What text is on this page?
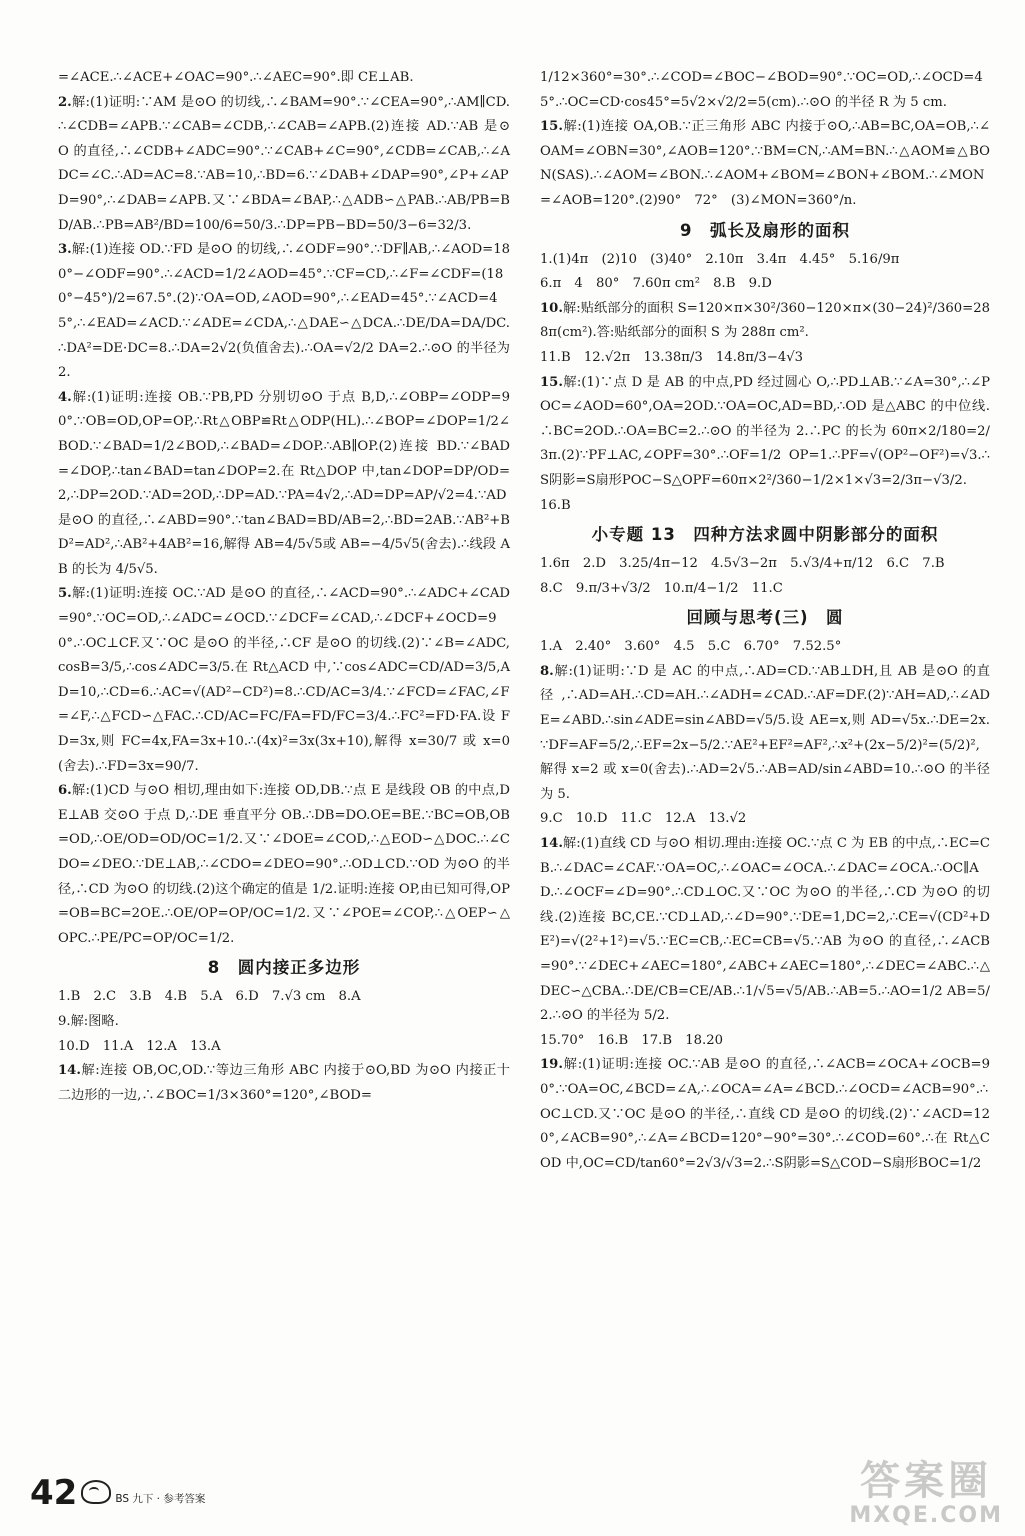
=∠ACE.∴∠ACE+∠OAC=90°.∴∠AEC=90°.即 CE⊥AB.

2.解:(1)证明:∵AM 是⊙O 的切线,∴∠BAM=90°.∵∠CEA=90°,∴AM∥CD.∴∠CDB=∠APB.∵∠CAB=∠CDB,∴∠CAB=∠APB.(2)连接 AD.∵AB 是⊙O 的直径,∴∠CDB+∠ADC=90°.∵∠CAB+∠C=90°,∠CDB=∠CAB,∴∠ADC=∠C.∴AD=AC=8.∵AB=10,∴BD=6.∵∠DAB+∠DAP=90°,∠P+∠APD=90°,∴∠DAB=∠APB.又∵∠BDA=∠BAP,∴△ADB∽△PAB.∴AB/PB=BD/AB.∴PB=AB²/BD=100/6=50/3.∴DP=PB−BD=50/3−6=32/3.

3.解:(1)连接 OD.∵FD 是⊙O 的切线,∴∠ODF=90°.∵DF∥AB,∴∠AOD=180°−∠ODF=90°.∴∠ACD=1/2∠AOD=45°.∵CF=CD,∴∠F=∠CDF=(180°−45°)/2=67.5°.(2)∵OA=OD,∠AOD=90°,∴∠EAD=45°.∵∠ACD=45°,∴∠EAD=∠ACD.∵∠ADE=∠CDA,∴△DAE∽△DCA.∴DE/DA=DA/DC.∴DA²=DE·DC=8.∴DA=2√2(负值舍去).∴OA=√2/2 DA=2.∴⊙O 的半径为 2.

4.解:(1)证明:连接 OB.∵PB,PD 分别切⊙O 于点 B,D,∴∠OBP=∠ODP=90°.∵OB=OD,OP=OP,∴Rt△OBP≌Rt△ODP(HL).∴∠BOP=∠DOP=1/2∠BOD.∵∠BAD=1/2∠BOD,∴∠BAD=∠DOP.∴AB∥OP.(2)连接 BD.∵∠BAD=∠DOP,∴tan∠BAD=tan∠DOP=2.在 Rt△DOP 中,tan∠DOP=DP/OD=2,∴DP=2OD.∵AD=2OD,∴DP=AD.∵PA=4√2,∴AD=DP=AP/√2=4.∵AD 是⊙O 的直径,∴∠ABD=90°.∵tan∠BAD=BD/AB=2,∴BD=2AB.∵AB²+BD²=AD²,∴AB²+4AB²=16,解得 AB=4/5√5或 AB=−4/5√5(舍去).∴线段 AB 的长为 4/5√5.

5.解:(1)证明:连接 OC.∵AD 是⊙O 的直径,∴∠ACD=90°.∴∠ADC+∠CAD=90°.∵OC=OD,∴∠ADC=∠OCD.∵∠DCF=∠CAD,∴∠DCF+∠OCD=90°.∴OC⊥CF.又∵OC 是⊙O 的半径,∴CF 是⊙O 的切线.(2)∵∠B=∠ADC,cosB=3/5,∴cos∠ADC=3/5.在 Rt△ACD 中,∵cos∠ADC=CD/AD=3/5,AD=10,∴CD=6.∴AC=√(AD²−CD²)=8.∴CD/AC=3/4.∵∠FCD=∠FAC,∠F=∠F,∴△FCD∽△FAC.∴CD/AC=FC/FA=FD/FC=3/4.∴FC²=FD·FA.设 FD=3x,则 FC=4x,FA=3x+10.∴(4x)²=3x(3x+10),解得 x=30/7 或 x=0(舍去).∴FD=3x=90/7.

6.解:(1)CD 与⊙O 相切,理由如下:连接 OD,DB.∵点 E 是线段 OB 的中点,DE⊥AB 交⊙O 于点 D,∴DE 垂直平分 OB.∴DB=DO.OE=BE.∵BC=OB,OB=OD,∴OE/OD=OD/OC=1/2.又∵∠DOE=∠COD,∴△EOD∽△DOC.∴∠CDO=∠DEO.∵DE⊥AB,∴∠CDO=∠DEO=90°.∴OD⊥CD.∵OD 为⊙O 的半径,∴CD 为⊙O 的切线.(2)这个确定的值是 1/2.证明:连接 OP,由已知可得,OP=OB=BC=2OE.∴OE/OP=OP/OC=1/2.又∵∠POE=∠COP,∴△OEP∽△OPC.∴PE/PC=OP/OC=1/2.

8　圆内接正多边形

1.B　2.C　3.B　4.B　5.A　6.D　7.√3 cm　8.A

9.解:图略.

10.D　11.A　12.A　13.A

14.解:连接 OB,OC,OD.∵等边三角形 ABC 内接于⊙O,BD 为⊙O 内接正十二边形的一边,∴∠BOC=1/3×360°=120°,∠BOD=

1/12×360°=30°.∴∠COD=∠BOC−∠BOD=90°.∵OC=OD,∴∠OCD=45°.∴OC=CD·cos45°=5√2×√2/2=5(cm).∴⊙O 的半径 R 为 5 cm.

15.解:(1)连接 OA,OB.∵正三角形 ABC 内接于⊙O,∴AB=BC,OA=OB,∴∠OAM=∠OBN=30°,∠AOB=120°.∵BM=CN,∴AM=BN.∴△AOM≌△BON(SAS).∴∠AOM=∠BON.∴∠AOM+∠BOM=∠BON+∠BOM.∴∠MON=∠AOB=120°.(2)90°　72°　(3)∠MON=360°/n.

9　弧长及扇形的面积

1.(1)4π　(2)10　(3)40°　2.10π　3.4π　4.45°　5.16/9π

6.π　4　80°　7.60π cm²　8.B　9.D

10.解:贴纸部分的面积 S=120×π×30²/360−120×π×(30−24)²/360=288π(cm²).答:贴纸部分的面积 S 为 288π cm².

11.B　12.√2π　13.38π/3　14.8π/3−4√3

15.解:(1)∵点 D 是 AB 的中点,PD 经过圆心 O,∴PD⊥AB.∵∠A=30°,∴∠POC=∠AOD=60°,OA=2OD.∵OA=OC,AD=BD,∴OD 是△ABC 的中位线.∴BC=2OD.∴OA=BC=2.∴⊙O 的半径为 2.∴PC 的长为 60π×2/180=2/3π.(2)∵PF⊥AC,∠OPF=30°.∴OF=1/2 OP=1.∴PF=√(OP²−OF²)=√3.∴S阴影=S扇形POC−S△OPF=60π×2²/360−1/2×1×√3=2/3π−√3/2.

16.B

小专题 13　四种方法求圆中阴影部分的面积

1.6π　2.D　3.25/4π−12　4.5√3−2π　5.√3/4+π/12　6.C　7.B

8.C　9.π/3+√3/2　10.π/4−1/2　11.C

回顾与思考(三)　圆

1.A　2.40°　3.60°　4.5　5.C　6.70°　7.52.5°

8.解:(1)证明:∵D 是 AC 的中点,∴AD=CD.∵AB⊥DH,且 AB 是⊙O 的直径,∴AD=AH.∴CD=AH.∴∠ADH=∠CAD.∴AF=DF.(2)∵AH=AD,∴∠ADE=∠ABD.∴sin∠ADE=sin∠ABD=√5/5.设 AE=x,则 AD=√5x.∴DE=2x.∵DF=AF=5/2,∴EF=2x−5/2.∵AE²+EF²=AF²,∴x²+(2x−5/2)²=(5/2)²,解得 x=2 或 x=0(舍去).∴AD=2√5.∴AB=AD/sin∠ABD=10.∴⊙O 的半径为 5.

9.C　10.D　11.C　12.A　13.√2

14.解:(1)直线 CD 与⊙O 相切.理由:连接 OC.∵点 C 为 EB 的中点,∴EC=CB.∴∠DAC=∠CAF.∵OA=OC,∴∠OAC=∠OCA.∴∠DAC=∠OCA.∴OC∥AD.∴∠OCF=∠D=90°.∴CD⊥OC.又∵OC 为⊙O 的半径,∴CD 为⊙O 的切线.(2)连接 BC,CE.∵CD⊥AD,∴∠D=90°.∵DE=1,DC=2,∴CE=√(CD²+DE²)=√(2²+1²)=√5.∵EC=CB,∴EC=CB=√5.∵AB 为⊙O 的直径,∴∠ACB=90°.∵∠DEC+∠AEC=180°,∠ABC+∠AEC=180°,∴∠DEC=∠ABC.∴△DEC∽△CBA.∴DE/CB=CE/AB.∴1/√5=√5/AB.∴AB=5.∴AO=1/2 AB=5/2.∴⊙O 的半径为 5/2.

15.70°　16.B　17.B　18.20

19.解:(1)证明:连接 OC.∵AB 是⊙O 的直径,∴∠ACB=∠OCA+∠OCB=90°.∵OA=OC,∠BCD=∠A,∴∠OCA=∠A=∠BCD.∴∠OCD=∠ACB=90°.∴OC⊥CD.又∵OC 是⊙O 的半径,∴直线 CD 是⊙O 的切线.(2)∵∠ACD=120°,∠ACB=90°,∴∠A=∠BCD=120°−90°=30°.∴∠COD=60°.∴在 Rt△COD 中,OC=CD/tan60°=2√3/√3=2.∴S阴影=S△COD−S扇形BOC=1/2

42	BS 九下 · 参考答案	答案圈
MXQE.COM
